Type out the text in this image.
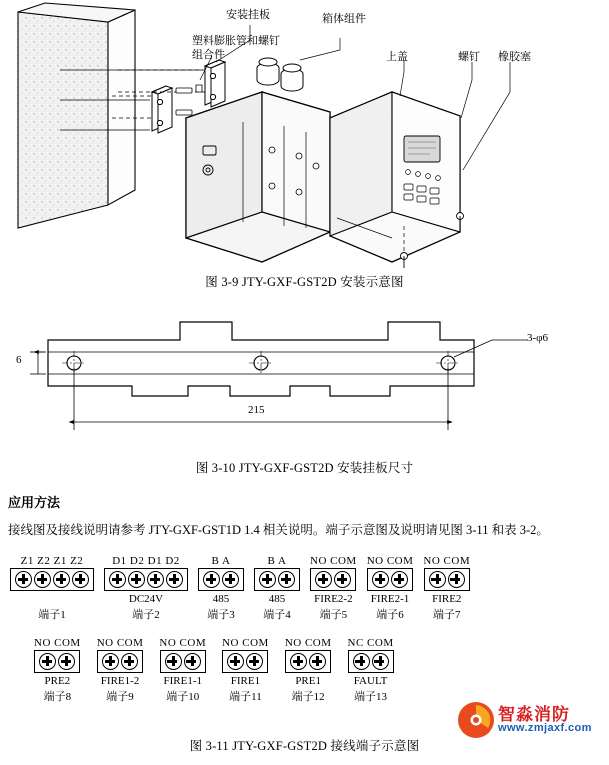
安装挂板
塑料膨胀管和螺钉
组合件
箱体组件
上盖	螺钉 橡胶塞
图 3-9 JTY-GXF-GST2D 安装示意图
3-φ6
6
215
图 3-10 JTY-GXF-GST2D 安装挂板尺寸
应用方法
接线图及接线说明请参考 JTY-GXF-GST1D 1.4 相关说明。端子示意图及说明请见图 3-11 和表 3-2。
Z1 Z2 Z1 Z2

端子1
D1 D2 D1 D2
DC24V
端子2
B A
485
端子3
B A
485
端子4
NO COM
FIRE2-2
端子5
NO COM
FIRE2-1
端子6
NO COM
FIRE2
端子7
NO COM
PRE2
端子8
NO COM
FIRE1-2
端子9
NO COM
FIRE1-1
端子10
NO COM
FIRE1
端子11
NO COM
PRE1
端子12
NC COM
FAULT
端子13
图 3-11 JTY-GXF-GST2D 接线端子示意图
智淼消防
www.zmjaxf.com
